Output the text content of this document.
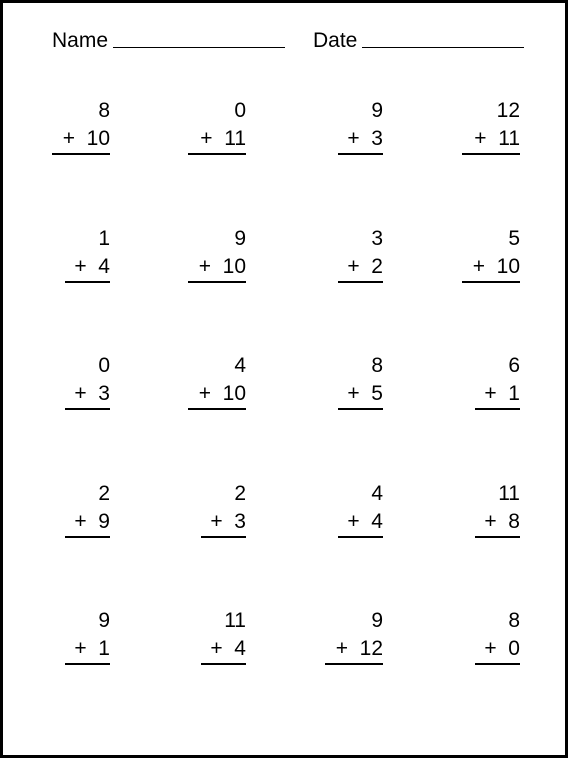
Name	Date
8
+  10
0
+  11
9
+  3
12
+  11
1
+  4
9
+  10
3
+  2
5
+  10
0
+  3
4
+  10
8
+  5
6
+  1
2
+  9
2
+  3
4
+  4
11
+  8
9
+  1
11
+  4
9
+  12
8
+  0
